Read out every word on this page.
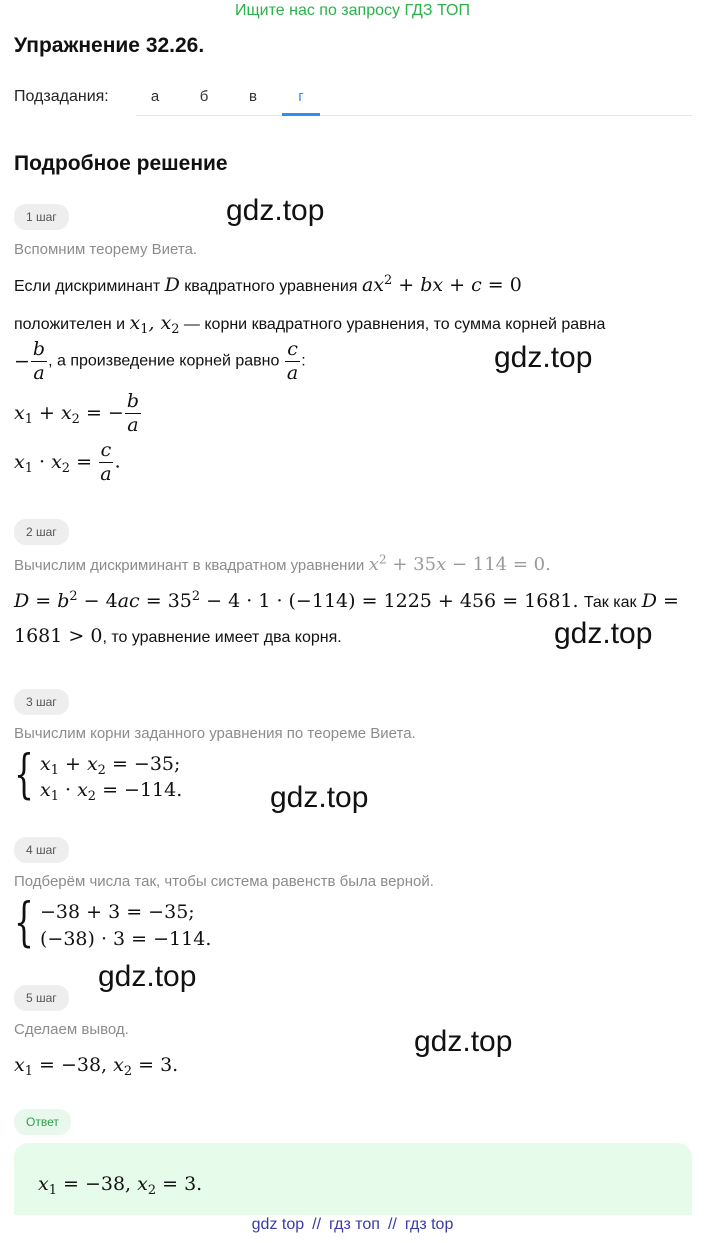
Ищите нас по запросу ГДЗ ТОП
Упражнение 32.26.
Подзадания:	а	б	в	г
Подробное решение
gdz.top
gdz.top
gdz.top
gdz.top
gdz.top
gdz.top
1 шаг
Вспомним теорему Виета.
Если дискриминант D квадратного уравнения $ax^2$ + bx + c = 0
положителен и $x_1$, $x_2$ — корни квадратного уравнения, то сумма корней равна
− $\frac{b}{a}$ , а произведение корней равно $\frac{c}{a}$ :
$x_1 + x_2$ = − $\frac{b}{a}$
$x_1 \cdot x_2 = \frac{c}{a}$ .
2 шаг
Вычислим дискриминант в квадратном уравнении $x^2 + 35x - 114 = 0$.
$D = b^2 - 4ac = 35^2 - 4 \cdot 1 \cdot (-114) = 1225 + 456 = 1681$. Так как D =
1681 > 0, то уравнение имеет два корня.
3 шаг
Вычислим корни заданного уравнения по теореме Виета.
{ $x_1 + x_2 = -35$;
$x_1 \cdot x_2 = -114$.
4 шаг
Подберём числа так, чтобы система равенств была верной.
{ −38 + 3 = −35;
(−38) · 3 = −114.
5 шаг
Сделаем вывод.
$x_1 = -38$, $x_2 = 3$.
Ответ
$x_1 = -38$, $x_2 = 3$.
gdz top // гдз топ // гдз top
